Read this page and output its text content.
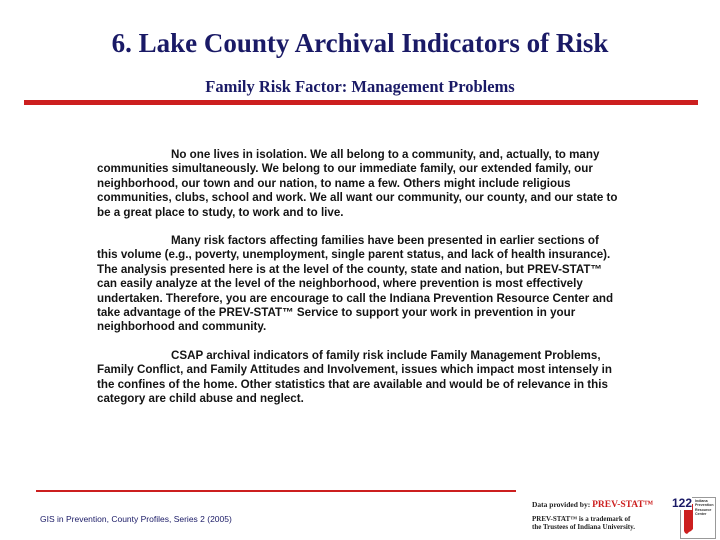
6. Lake County Archival Indicators of Risk
Family Risk Factor: Management Problems

No one lives in isolation. We all belong to a community, and, actually, to many communities simultaneously. We belong to our immediate family, our extended family, our neighborhood, our town and our nation, to name a few. Others might include religious communities, clubs, school and work. We all want our community, our county, and our state to be a great place to study, to work and to live.

Many risk factors affecting families have been presented in earlier sections of this volume (e.g., poverty, unemployment, single parent status, and lack of health insurance). The analysis presented here is at the level of the county, state and nation, but PREV-STAT™ can easily analyze at the level of the neighborhood, where prevention is most effectively undertaken. Therefore, you are encourage to call the Indiana Prevention Resource Center and take advantage of the PREV-STAT™ Service to support your work in prevention in your neighborhood and community.

CSAP archival indicators of family risk include Family Management Problems, Family Conflict, and Family Attitudes and Involvement, issues which impact most intensely in the confines of the home. Other statistics that are available and would be of relevance in this category are child abuse and neglect.

GIS in Prevention, County Profiles, Series 2 (2005)
Data provided by: PREV-STAT™
PREV-STAT™ is a trademark of
the Trustees of Indiana University.
Indiana Prevention Resource Center
122
